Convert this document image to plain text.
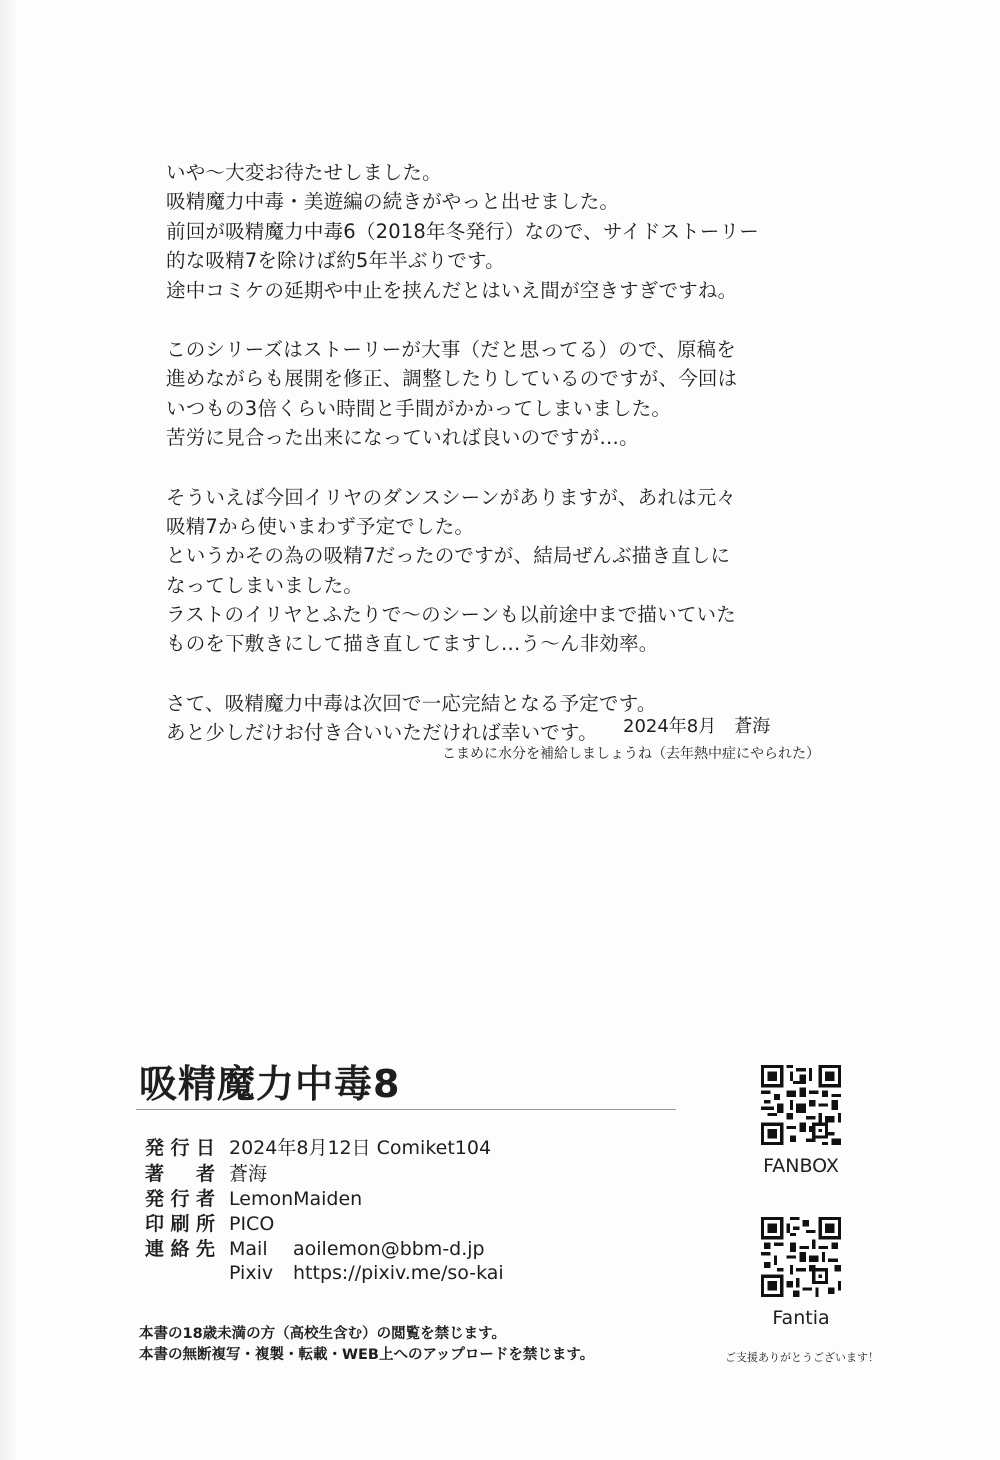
いや～大変お待たせしました。
吸精魔力中毒・美遊編の続きがやっと出せました。
前回が吸精魔力中毒6（2018年冬発行）なので、サイドストーリー
的な吸精7を除けば約5年半ぶりです。
途中コミケの延期や中止を挟んだとはいえ間が空きすぎですね。
このシリーズはストーリーが大事（だと思ってる）ので、原稿を
進めながらも展開を修正、調整したりしているのですが、今回は
いつもの3倍くらい時間と手間がかかってしまいました。
苦労に見合った出来になっていれば良いのですが…。
そういえば今回イリヤのダンスシーンがありますが、あれは元々
吸精7から使いまわず予定でした。
というかその為の吸精7だったのですが、結局ぜんぶ描き直しに
なってしまいました。
ラストのイリヤとふたりで～のシーンも以前途中まで描いていた
ものを下敷きにして描き直してますし…う～ん非効率。
さて、吸精魔力中毒は次回で一応完結となる予定です。
あと少しだけお付き合いいただければ幸いです。	2024年8月 蒼海
こまめに水分を補給しましょうね（去年熱中症にやられた）
吸精魔力中毒8
発行日 2024年8月12日 Comiket104
著者 蒼海
発行者 LemonMaiden
印刷所 PICO
連絡先 Mail aoilemon@bbm-d.jp
Pixiv https://pixiv.me/so-kai
本書の18歳未満の方（高校生含む）の閲覧を禁じます。
本書の無断複写・複製・転載・WEB上へのアップロードを禁じます。
FANBOX
Fantia
ご支援ありがとうございます！
